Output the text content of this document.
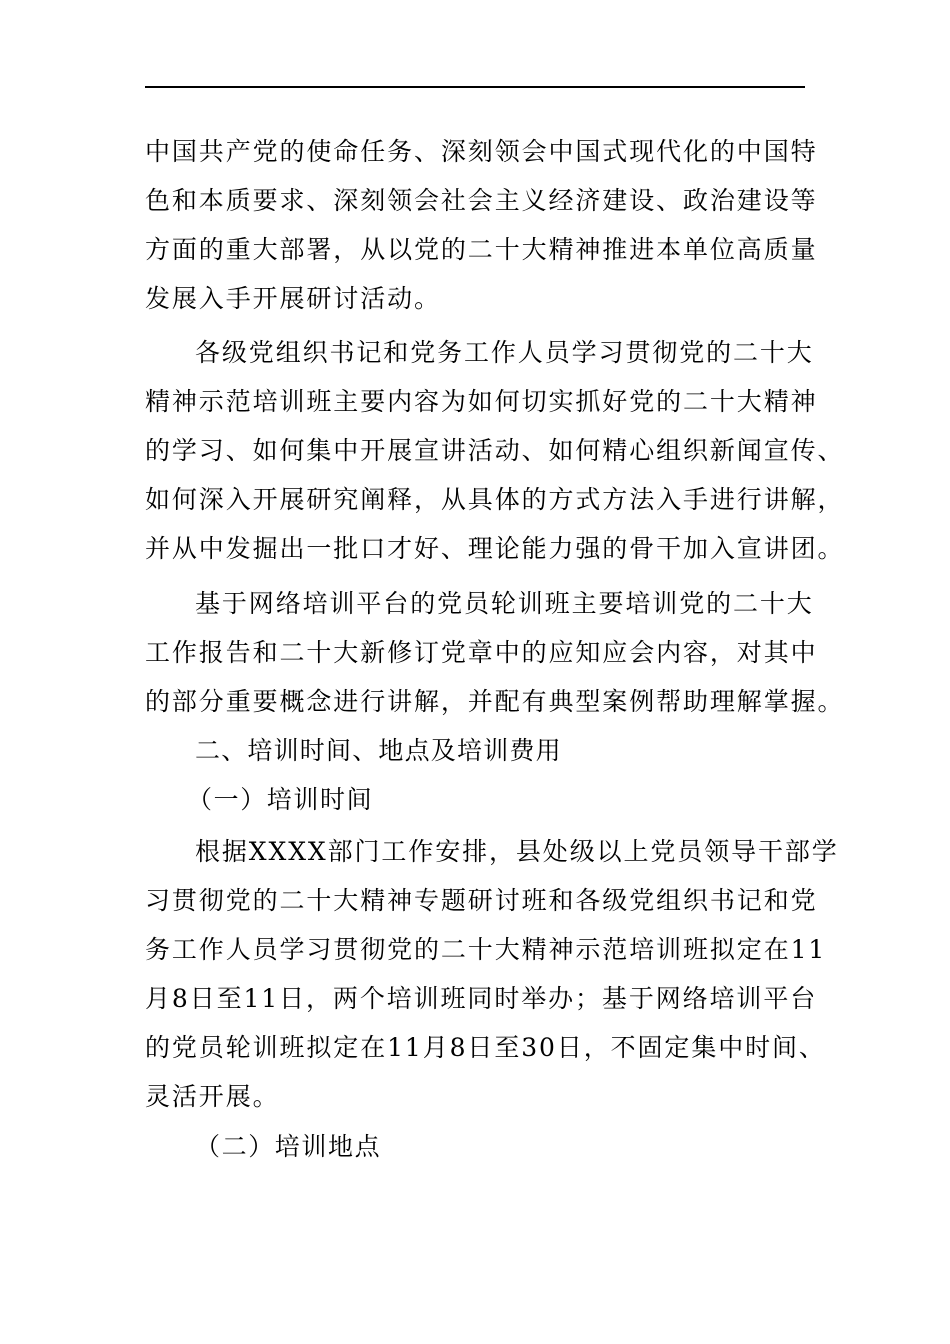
中国共产党的使命任务、深刻领会中国式现代化的中国特
色和本质要求、深刻领会社会主义经济建设、政治建设等
方面的重大部署，从以党的二十大精神推进本单位高质量
发展入手开展研讨活动。
各级党组织书记和党务工作人员学习贯彻党的二十大
精神示范培训班主要内容为如何切实抓好党的二十大精神
的学习、如何集中开展宣讲活动、如何精心组织新闻宣传、
如何深入开展研究阐释，从具体的方式方法入手进行讲解，
并从中发掘出一批口才好、理论能力强的骨干加入宣讲团。
基于网络培训平台的党员轮训班主要培训党的二十大
工作报告和二十大新修订党章中的应知应会内容，对其中
的部分重要概念进行讲解，并配有典型案例帮助理解掌握。
二、培训时间、地点及培训费用
（一）培训时间
根据XXXX部门工作安排，县处级以上党员领导干部学
习贯彻党的二十大精神专题研讨班和各级党组织书记和党
务工作人员学习贯彻党的二十大精神示范培训班拟定在11
月8日至11日，两个培训班同时举办；基于网络培训平台
的党员轮训班拟定在11月8日至30日，不固定集中时间、
灵活开展。
（二）培训地点
